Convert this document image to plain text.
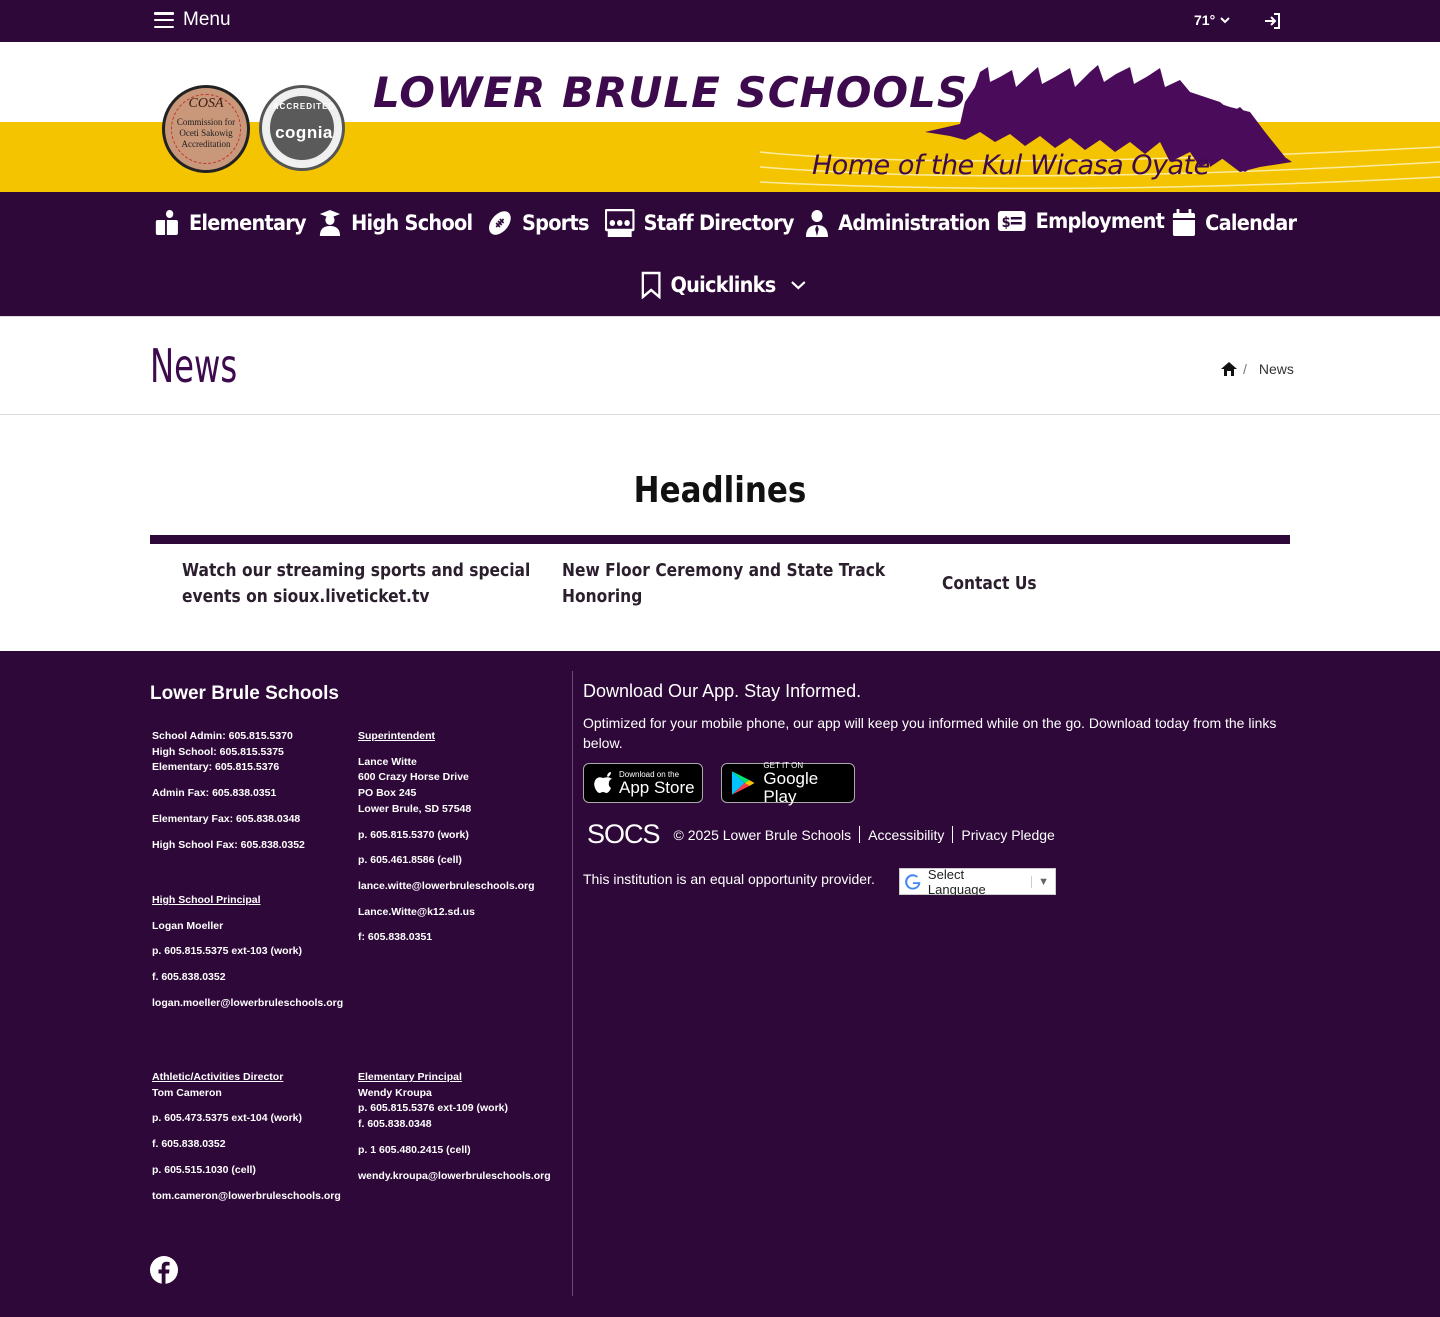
Menu	71°
COSA
Commission for
Oceti Sakowig
Accreditation
ACCREDITED
cognia
LOWER BRULE SCHOOLS
Home of the Kul Wicasa Oyate
Elementary High School Sports	Staff Directory Administration $ Employment Calendar
Quicklinks
News	/ News
Headlines
Watch our streaming sports and special
events on sioux.liveticket.tv
New Floor Ceremony and State Track
Honoring
Contact Us
Lower Brule Schools

School Admin: 605.815.5370

High School: 605.815.5375

Elementary: 605.815.5376

Admin Fax: 605.838.0351

Elementary Fax: 605.838.0348

High School Fax: 605.838.0352

Superintendent

Lance Witte

600 Crazy Horse Drive

PO Box 245

Lower Brule, SD 57548

p. 605.815.5370 (work)

p. 605.461.8586 (cell)

lance.witte@lowerbruleschools.org

Lance.Witte@k12.sd.us

f: 605.838.0351

High School Principal

Logan Moeller

p. 605.815.5375 ext-103 (work)

f. 605.838.0352

logan.moeller@lowerbruleschools.org

Athletic/Activities Director

Tom Cameron

p. 605.473.5375 ext-104 (work)

f. 605.838.0352

p. 605.515.1030 (cell)

tom.cameron@lowerbruleschools.org

Elementary Principal

Wendy Kroupa

p. 605.815.5376 ext-109 (work)

f. 605.838.0348

p. 1 605.480.2415 (cell)

wendy.kroupa@lowerbruleschools.org

Download Our App. Stay Informed.
Optimized for your mobile phone, our app will keep you informed while on the go. Download today from the links below.
Download on the
App Store
GET IT ON
Google Play
SOCS © 2025 Lower Brule Schools Accessibility Privacy Pledge
This institution is an equal opportunity provider.	Select Language	▼
